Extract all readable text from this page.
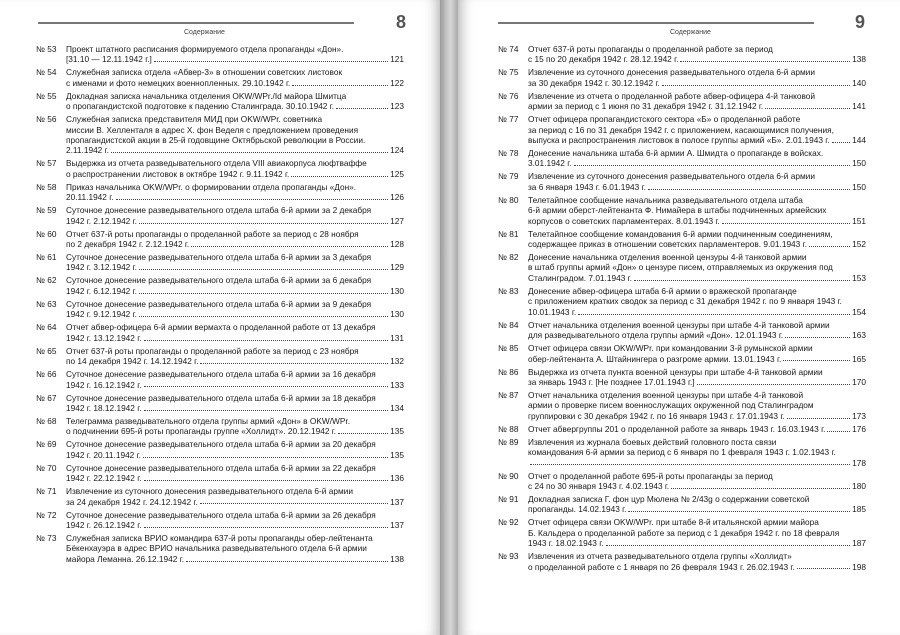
Содержание
8
№ 53	Проект штатного расписания формируемого отдела пропаганды «Дон».
[31.10 — 12.11.1942 г.]	121
№ 54	Служебная записка отдела «Абвер-3» в отношении советских листовок
с именами и фото немецких военнопленных. 29.10.1942 г.	122
№ 55	Докладная записка начальника отделения OKW/WPr./Id майора Шмитца
о пропагандистской подготовке к падению Сталинграда. 30.10.1942 г.	123
№ 56	Служебная записка представителя МИД при OKW/WPr. советника
миссии В. Хелленталя в адрес Х. фон Веделя с предложением проведения
пропагандистской акции в 25-й годовщине Октябрьской революции в России.
2.11.1942 г.	124
№ 57	Выдержка из отчета разведывательного отдела VIII авиакорпуса люфтваффе
о распространении листовок в октябре 1942 г. 9.11.1942 г.	125
№ 58	Приказ начальника OKW/WPr. о формировании отдела пропаганды «Дон».
20.11.1942 г.	126
№ 59	Суточное донесение разведывательного отдела штаба 6-й армии за 2 декабря
1942 г. 2.12.1942 г.	127
№ 60	Отчет 637-й роты пропаганды о проделанной работе за период с 28 ноября
по 2 декабря 1942 г. 2.12.1942 г.	128
№ 61	Суточное донесение разведывательного отдела штаба 6-й армии за 3 декабря
1942 г. 3.12.1942 г.	129
№ 62	Суточное донесение разведывательного отдела штаба 6-й армии за 6 декабря
1942 г. 6.12.1942 г.	130
№ 63	Суточное донесение разведывательного отдела штаба 6-й армии за 9 декабря
1942 г. 9.12.1942 г.	130
№ 64	Отчет абвер-офицера 6-й армии вермахта о проделанной работе от 13 декабря
1942 г. 13.12.1942 г.	131
№ 65	Отчет 637-й роты пропаганды о проделанной работе за период с 23 ноября
по 14 декабря 1942 г. 14.12.1942 г.	132
№ 66	Суточное донесение разведывательного отдела штаба 6-й армии за 16 декабря
1942 г. 16.12.1942 г.	133
№ 67	Суточное донесение разведывательного отдела штаба 6-й армии за 18 декабря
1942 г. 18.12.1942 г.	134
№ 68	Телеграмма разведывательного отдела группы армий «Дон» в OKW/WPr.
о подчинении 695-й роты пропаганды группе «Холлидт». 20.12.1942 г.	135
№ 69	Суточное донесение разведывательного отдела штаба 6-й армии за 20 декабря
1942 г. 20.11.1942 г.	135
№ 70	Суточное донесение разведывательного отдела штаба 6-й армии за 22 декабря
1942 г. 22.12.1942 г.	136
№ 71	Извлечение из суточного донесения разведывательного отдела 6-й армии
за 24 декабря 1942 г. 24.12.1942 г.	137
№ 72	Суточное донесение разведывательного отдела штаба 6-й армии за 26 декабря
1942 г. 26.12.1942 г.	137
№ 73	Служебная записка ВРИО командира 637-й роты пропаганды обер-лейтенанта
Бёкенхауэра в адрес ВРИО начальника разведывательного отдела 6-й армии
майора Леманна. 26.12.1942 г.	138
Содержание
9
№ 74	Отчет 637-й роты пропаганды о проделанной работе за период
с 15 по 20 декабря 1942 г. 28.12.1942 г.	138
№ 75	Извлечение из суточного донесения разведывательного отдела 6-й армии
за 30 декабря 1942 г. 30.12.1942 г.	140
№ 76	Извлечение из отчета о проделанной работе абвер-офицера 4-й танковой
армии за период с 1 июня по 31 декабря 1942 г. 31.12.1942 г.	141
№ 77	Отчет офицера пропагандистского сектора «Б» о проделанной работе
за период с 16 по 31 декабря 1942 г. с приложением, касающимися получения,
выпуска и распространения листовок в полосе группы армий «Б». 2.01.1943 г.	144
№ 78	Донесение начальника штаба 6-й армии А. Шмидта о пропаганде в войсках.
3.01.1942 г.	150
№ 79	Извлечение из суточного донесения разведывательного отдела 6-й армии
за 6 января 1943 г. 6.01.1943 г.	150
№ 80	Телетайпное сообщение начальника разведывательного отдела штаба
6-й армии оберст-лейтенанта Ф. Нимайера в штабы подчиненных армейских
корпусов о советских парламентерах. 8.01.1943 г.	151
№ 81	Телетайпное сообщение командования 6-й армии подчиненным соединениям,
содержащее приказ в отношении советских парламентеров. 9.01.1943 г.	152
№ 82	Донесение начальника отделения военной цензуры 4-й танковой армии
в штаб группы армий «Дон» о цензуре писем, отправляемых из окружения под
Сталинградом. 7.01.1943 г.	153
№ 83	Донесение абвер-офицера штаба 6-й армии о вражеской пропаганде
с приложением кратких сводок за период с 31 декабря 1942 г. по 9 января 1943 г.
10.01.1943 г.	154
№ 84	Отчет начальника отделения военной цензуры при штабе 4-й танковой армии
для разведывательного отдела группы армий «Дон». 12.01.1943 г.	163
№ 85	Отчет офицера связи OKW/WPr. при командовании 3-й румынской армии
обер-лейтенанта А. Штайнингера о разгроме армии. 13.01.1943 г.	165
№ 86	Выдержка из отчета пункта военной цензуры при штабе 4-й танковой армии
за январь 1943 г. [Не позднее 17.01.1943 г.]	170
№ 87	Отчет начальника отделения военной цензуры при штабе 4-й танковой
армии о проверке писем военнослужащих окруженной под Сталинградом
группировки с 30 декабря 1942 г. по 16 января 1943 г. 17.01.1943 г.	173
№ 88	Отчет абвергруппы 201 о проделанной работе за январь 1943 г. 16.03.1943 г.	176
№ 89	Извлечения из журнала боевых действий головного поста связи
командования 6-й армии за период с 6 января по 1 февраля 1943 г. 1.02.1943 г.
178
№ 90	Отчет о проделанной работе 695-й роты пропаганды за период
с 24 по 30 января 1943 г. 4.02.1943 г.	180
№ 91	Докладная записка Г. фон цур Мюлена № 2/43g о содержании советской
пропаганды. 14.02.1943 г.	185
№ 92	Отчет офицера связи OKW/WPr. при штабе 8-й итальянской армии майора
Б. Кальдера о проделанной работе за период с 1 декабря 1942 г. по 18 февраля
1943 г. 18.02.1943 г.	187
№ 93	Извлечения из отчета разведывательного отдела группы «Холлидт»
о проделанной работе с 1 января по 26 февраля 1943 г. 26.02.1943 г.	198
